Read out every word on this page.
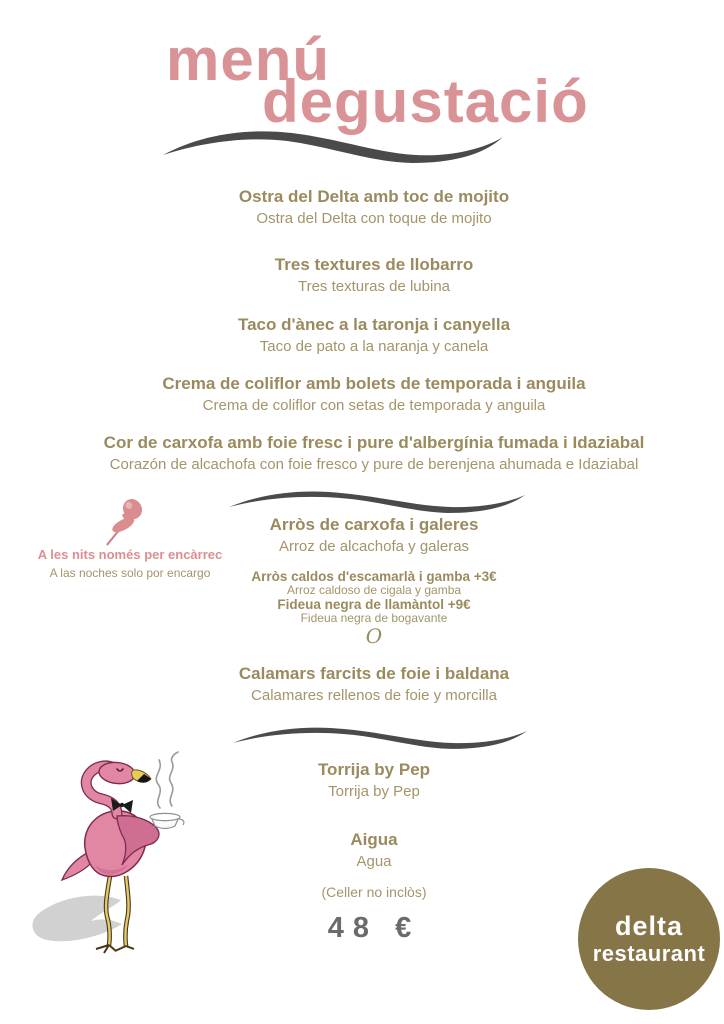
menú
degustació
Ostra del Delta amb toc de mojito
Ostra del Delta con toque de mojito
Tres textures de llobarro
Tres texturas de lubina
Taco d'ànec a la taronja i canyella
Taco de pato a la naranja y canela
Crema de coliflor amb bolets de temporada i anguila
Crema de coliflor con setas de temporada y anguila
Cor de carxofa amb foie fresc i pure d'albergínia fumada i Idaziabal
Corazón de alcachofa con foie fresco y pure de berenjena ahumada e Idaziabal
A les nits només per encàrrec
A las noches solo por encargo
Arròs de carxofa i galeres
Arroz de alcachofa y galeras
Arròs caldos d'escamarlà i gamba +3€
Arroz caldoso de cigala y gamba
Fideua negra de llamàntol +9€
Fideua negra de bogavante
O
Calamars farcits de foie i baldana
Calamares rellenos de foie y morcilla
Torrija by Pep
Torrija by Pep
Aigua
Agua
(Celler no inclòs)
48 €	delta
restaurant
